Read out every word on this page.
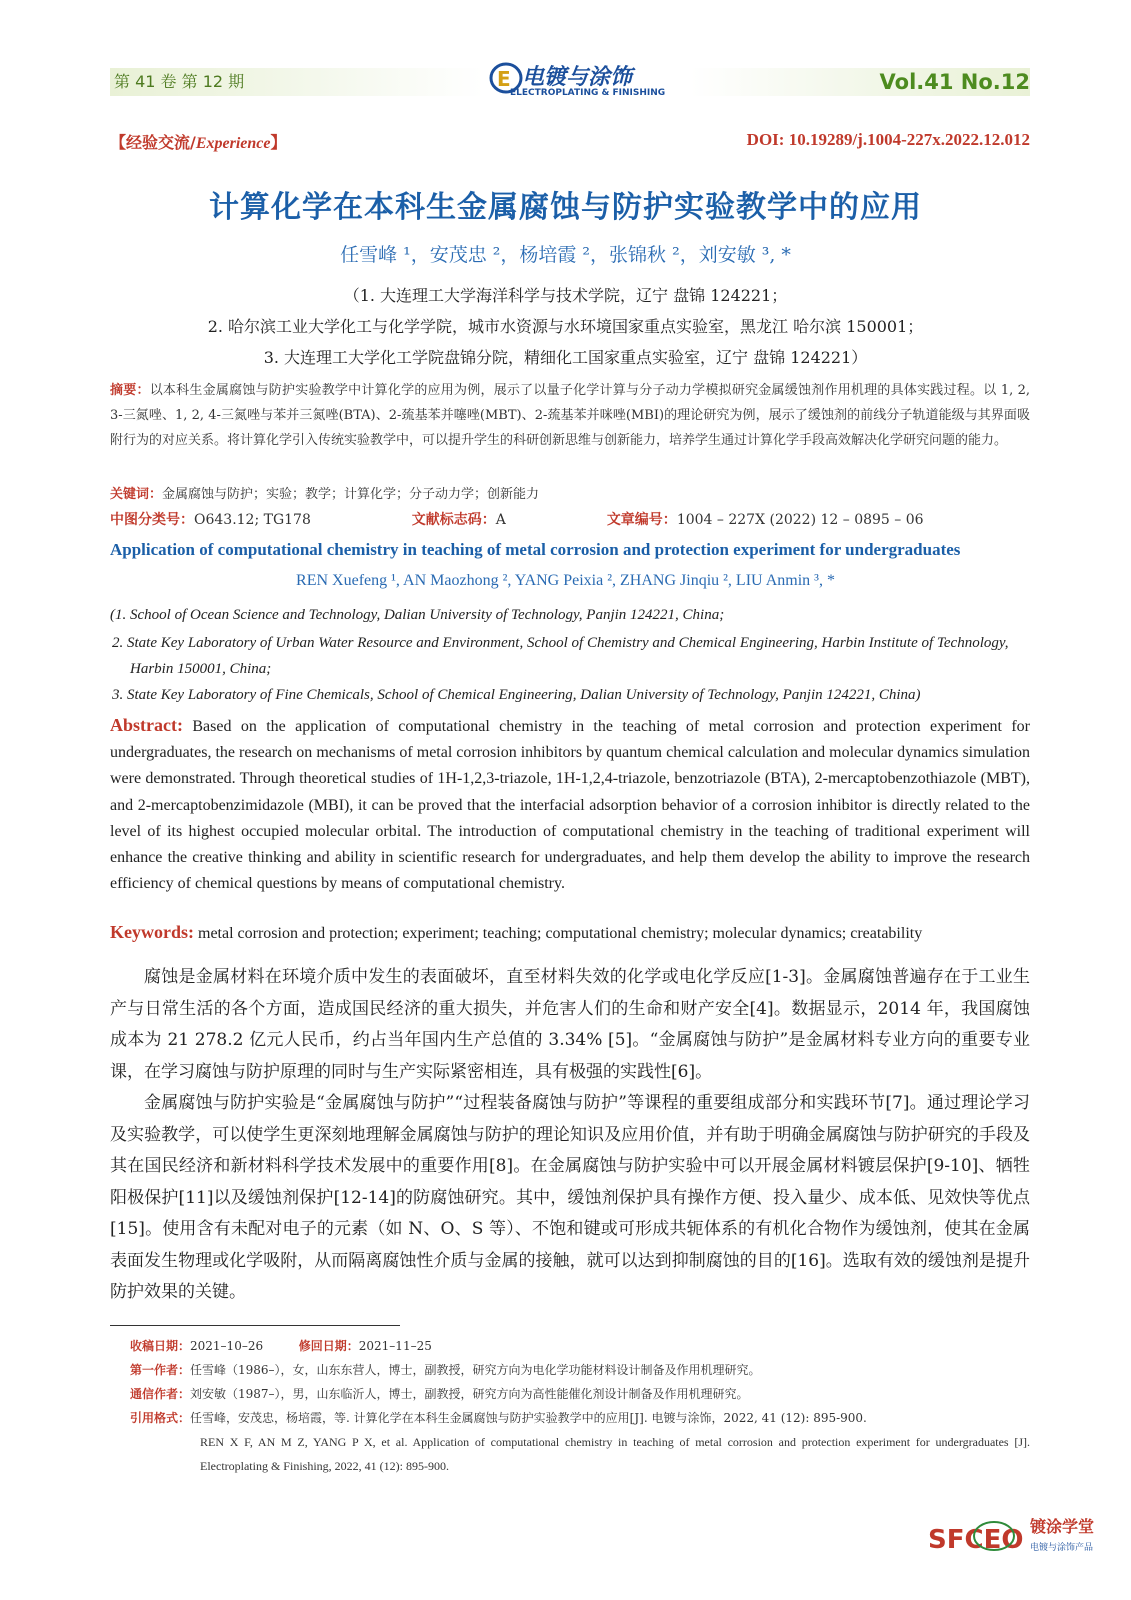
第 41 卷 第 12 期	E 电镀与涂饰
ELECTROPLATING & FINISHING	Vol.41 No.12
【经验交流/Experience】	DOI: 10.19289/j.1004-227x.2022.12.012
计算化学在本科生金属腐蚀与防护实验教学中的应用
任雪峰 ¹，安茂忠 ²，杨培霞 ²，张锦秋 ²，刘安敏 ³, *
（1. 大连理工大学海洋科学与技术学院，辽宁 盘锦 124221；
2. 哈尔滨工业大学化工与化学学院，城市水资源与水环境国家重点实验室，黑龙江 哈尔滨 150001；
3. 大连理工大学化工学院盘锦分院，精细化工国家重点实验室，辽宁 盘锦 124221）
摘要：以本科生金属腐蚀与防护实验教学中计算化学的应用为例，展示了以量子化学计算与分子动力学模拟研究金属缓蚀剂作用机理的具体实践过程。以 1, 2, 3-三氮唑、1, 2, 4-三氮唑与苯并三氮唑(BTA)、2-巯基苯并噻唑(MBT)、2-巯基苯并咪唑(MBI)的理论研究为例，展示了缓蚀剂的前线分子轨道能级与其界面吸附行为的对应关系。将计算化学引入传统实验教学中，可以提升学生的科研创新思维与创新能力，培养学生通过计算化学手段高效解决化学研究问题的能力。
关键词：金属腐蚀与防护；实验；教学；计算化学；分子动力学；创新能力
中图分类号：O643.12; TG178	文献标志码：A	文章编号：1004 – 227X (2022) 12 – 0895 – 06
Application of computational chemistry in teaching of metal corrosion and protection experiment for undergraduates
REN Xuefeng ¹, AN Maozhong ², YANG Peixia ², ZHANG Jinqiu ², LIU Anmin ³, *
(1. School of Ocean Science and Technology, Dalian University of Technology, Panjin 124221, China;
2. State Key Laboratory of Urban Water Resource and Environment, School of Chemistry and Chemical Engineering, Harbin Institute of Technology, Harbin 150001, China;
3. State Key Laboratory of Fine Chemicals, School of Chemical Engineering, Dalian University of Technology, Panjin 124221, China)
Abstract: Based on the application of computational chemistry in the teaching of metal corrosion and protection experiment for undergraduates, the research on mechanisms of metal corrosion inhibitors by quantum chemical calculation and molecular dynamics simulation were demonstrated. Through theoretical studies of 1H-1,2,3-triazole, 1H-1,2,4-triazole, benzotriazole (BTA), 2-mercaptobenzothiazole (MBT), and 2-mercaptobenzimidazole (MBI), it can be proved that the interfacial adsorption behavior of a corrosion inhibitor is directly related to the level of its highest occupied molecular orbital. The introduction of computational chemistry in the teaching of traditional experiment will enhance the creative thinking and ability in scientific research for undergraduates, and help them develop the ability to improve the research efficiency of chemical questions by means of computational chemistry.
Keywords: metal corrosion and protection; experiment; teaching; computational chemistry; molecular dynamics; creatability

腐蚀是金属材料在环境介质中发生的表面破坏，直至材料失效的化学或电化学反应[1-3]。金属腐蚀普遍存在于工业生产与日常生活的各个方面，造成国民经济的重大损失，并危害人们的生命和财产安全[4]。数据显示，2014 年，我国腐蚀成本为 21 278.2 亿元人民币，约占当年国内生产总值的 3.34% [5]。“金属腐蚀与防护”是金属材料专业方向的重要专业课，在学习腐蚀与防护原理的同时与生产实际紧密相连，具有极强的实践性[6]。

金属腐蚀与防护实验是“金属腐蚀与防护”“过程装备腐蚀与防护”等课程的重要组成部分和实践环节[7]。通过理论学习及实验教学，可以使学生更深刻地理解金属腐蚀与防护的理论知识及应用价值，并有助于明确金属腐蚀与防护研究的手段及其在国民经济和新材料科学技术发展中的重要作用[8]。在金属腐蚀与防护实验中可以开展金属材料镀层保护[9-10]、牺牲阳极保护[11]以及缓蚀剂保护[12-14]的防腐蚀研究。其中，缓蚀剂保护具有操作方便、投入量少、成本低、见效快等优点[15]。使用含有未配对电子的元素（如 N、O、S 等）、不饱和键或可形成共轭体系的有机化合物作为缓蚀剂，使其在金属表面发生物理或化学吸附，从而隔离腐蚀性介质与金属的接触，就可以达到抑制腐蚀的目的[16]。选取有效的缓蚀剂是提升防护效果的关键。

收稿日期：2021–10–26	修回日期：2021–11–25
第一作者：任雪峰（1986–），女，山东东营人，博士，副教授，研究方向为电化学功能材料设计制备及作用机理研究。
通信作者：刘安敏（1987–），男，山东临沂人，博士，副教授，研究方向为高性能催化剂设计制备及作用机理研究。
引用格式：任雪峰，安茂忠，杨培霞，等. 计算化学在本科生金属腐蚀与防护实验教学中的应用[J]. 电镀与涂饰，2022, 41 (12): 895-900.
REN X F, AN M Z, YANG P X, et al. Application of computational chemistry in teaching of metal corrosion and protection experiment for undergraduates [J]. Electroplating & Finishing, 2022, 41 (12): 895-900.
SFCEO 镀涂学堂
电镀与涂饰产品
